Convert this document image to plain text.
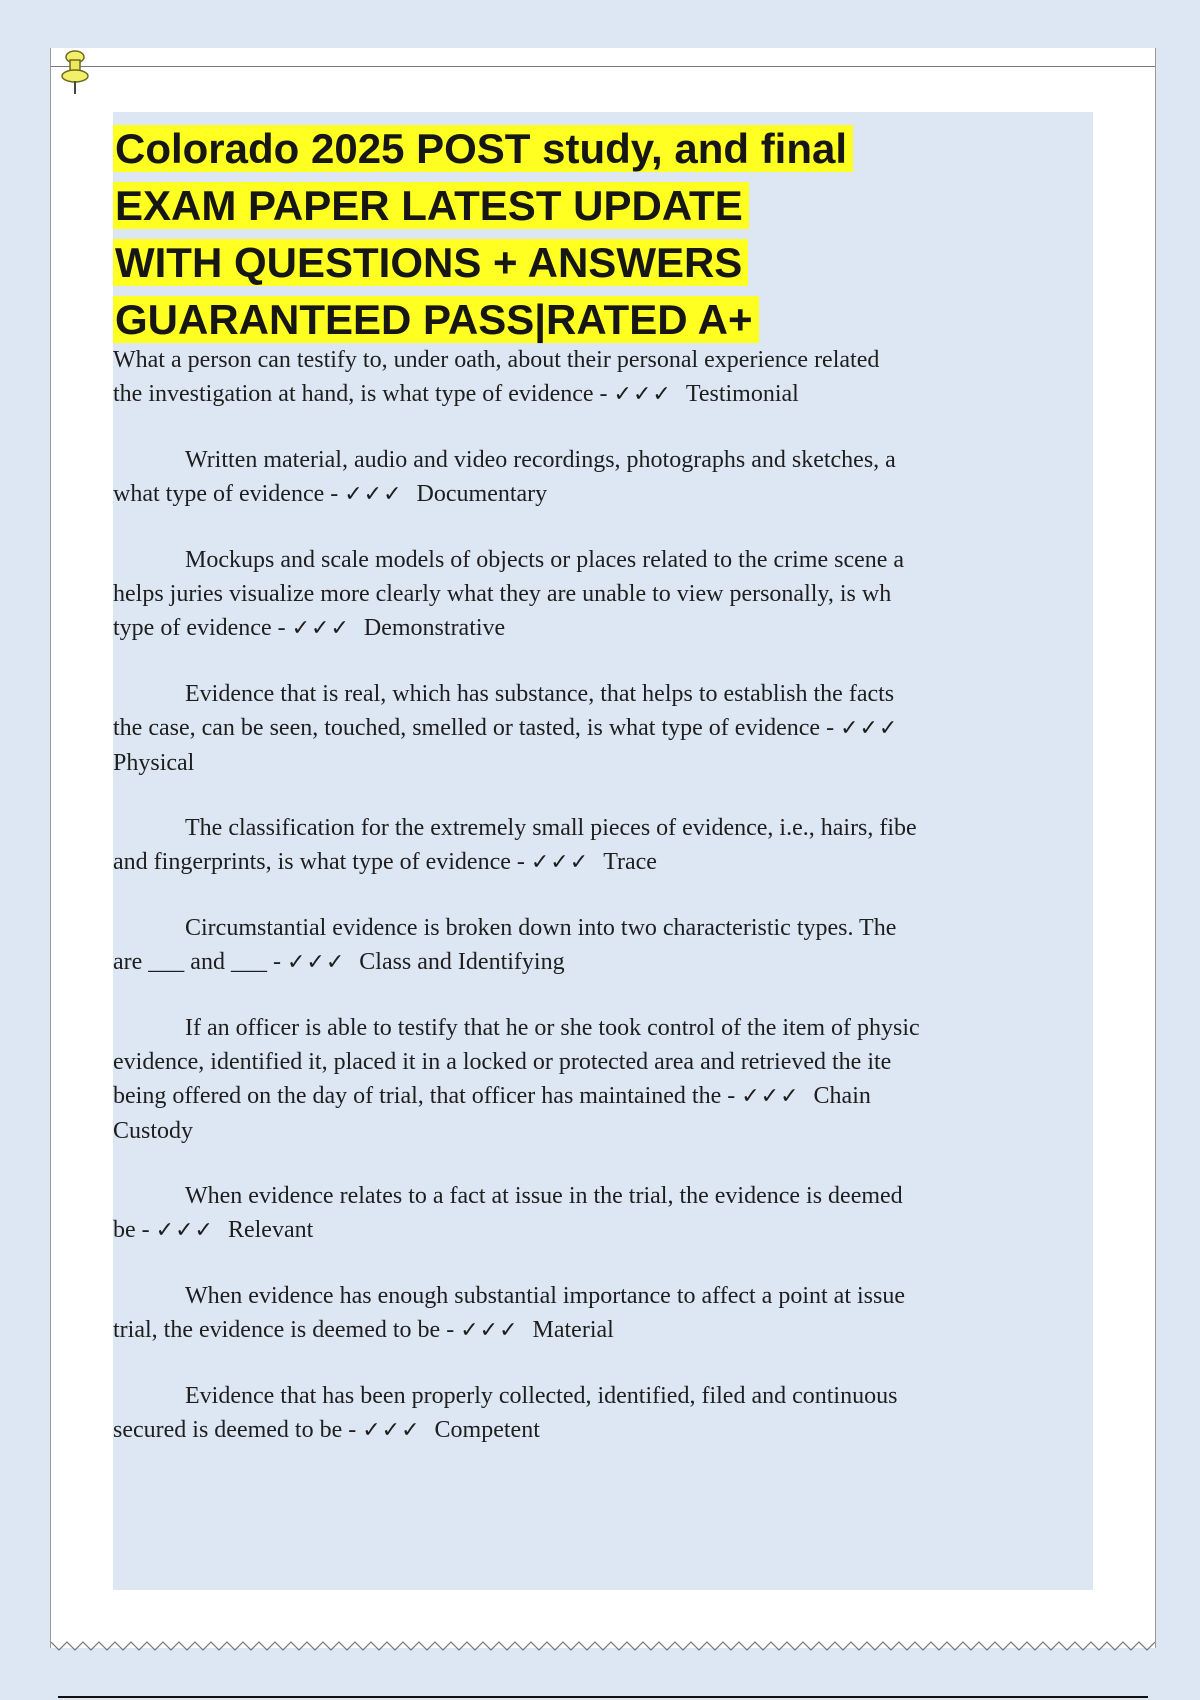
Colorado 2025 POST study, and final
EXAM PAPER LATEST UPDATE
WITH QUESTIONS + ANSWERS
GUARANTEED PASS|RATED A+
What a person can testify to, under oath, about their personal experience related
the investigation at hand, is what type of evidence - ✓✓✓ Testimonial
Written material, audio and video recordings, photographs and sketches, a
what type of evidence - ✓✓✓ Documentary
Mockups and scale models of objects or places related to the crime scene a
helps juries visualize more clearly what they are unable to view personally, is wh
type of evidence - ✓✓✓ Demonstrative
Evidence that is real, which has substance, that helps to establish the facts
the case, can be seen, touched, smelled or tasted, is what type of evidence - ✓✓✓
Physical
The classification for the extremely small pieces of evidence, i.e., hairs, fibe
and fingerprints, is what type of evidence - ✓✓✓ Trace
Circumstantial evidence is broken down into two characteristic types. The
are ___ and ___ - ✓✓✓ Class and Identifying
If an officer is able to testify that he or she took control of the item of physic
evidence, identified it, placed it in a locked or protected area and retrieved the ite
being offered on the day of trial, that officer has maintained the - ✓✓✓ Chain
Custody
When evidence relates to a fact at issue in the trial, the evidence is deemed
be - ✓✓✓ Relevant
When evidence has enough substantial importance to affect a point at issue
trial, the evidence is deemed to be - ✓✓✓ Material
Evidence that has been properly collected, identified, filed and continuous
secured is deemed to be - ✓✓✓ Competent
